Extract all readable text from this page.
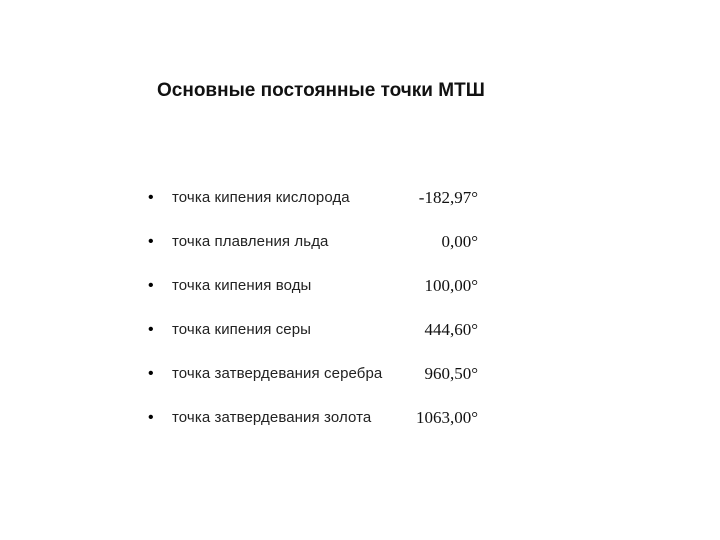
Основные постоянные точки МТШ
• точка кипения кислорода	-182,97°
• точка плавления льда	0,00°
• точка кипения воды	100,00°
• точка кипения серы	444,60°
• точка затвердевания серебра 960,50°
• точка затвердевания золота	1063,00°
